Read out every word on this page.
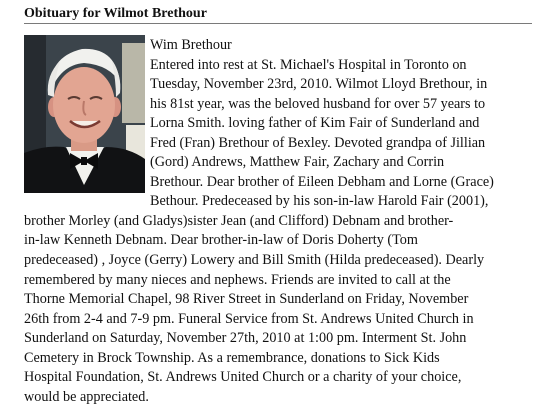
Obituary for Wilmot Brethour
Wim Brethour
Entered into rest at St. Michael's Hospital in Toronto on
Tuesday, November 23rd, 2010. Wilmot Lloyd Brethour, in
his 81st year, was the beloved husband for over 57 years to
Lorna Smith. loving father of Kim Fair of Sunderland and
Fred (Fran) Brethour of Bexley. Devoted grandpa of Jillian
(Gord) Andrews, Matthew Fair, Zachary and Corrin
Brethour. Dear brother of Eileen Debham and Lorne (Grace)
Bethour. Predeceased by his son-in-law Harold Fair (2001),
brother Morley (and Gladys)sister Jean (and Clifford) Debnam and brother-
in-law Kenneth Debnam. Dear brother-in-law of Doris Doherty (Tom
predeceased) , Joyce (Gerry) Lowery and Bill Smith (Hilda predeceased). Dearly
remembered by many nieces and nephews. Friends are invited to call at the
Thorne Memorial Chapel, 98 River Street in Sunderland on Friday, November
26th from 2-4 and 7-9 pm. Funeral Service from St. Andrews United Church in
Sunderland on Saturday, November 27th, 2010 at 1:00 pm. Interment St. John
Cemetery in Brock Township. As a remembrance, donations to Sick Kids
Hospital Foundation, St. Andrews United Church or a charity of your choice,
would be appreciated.
